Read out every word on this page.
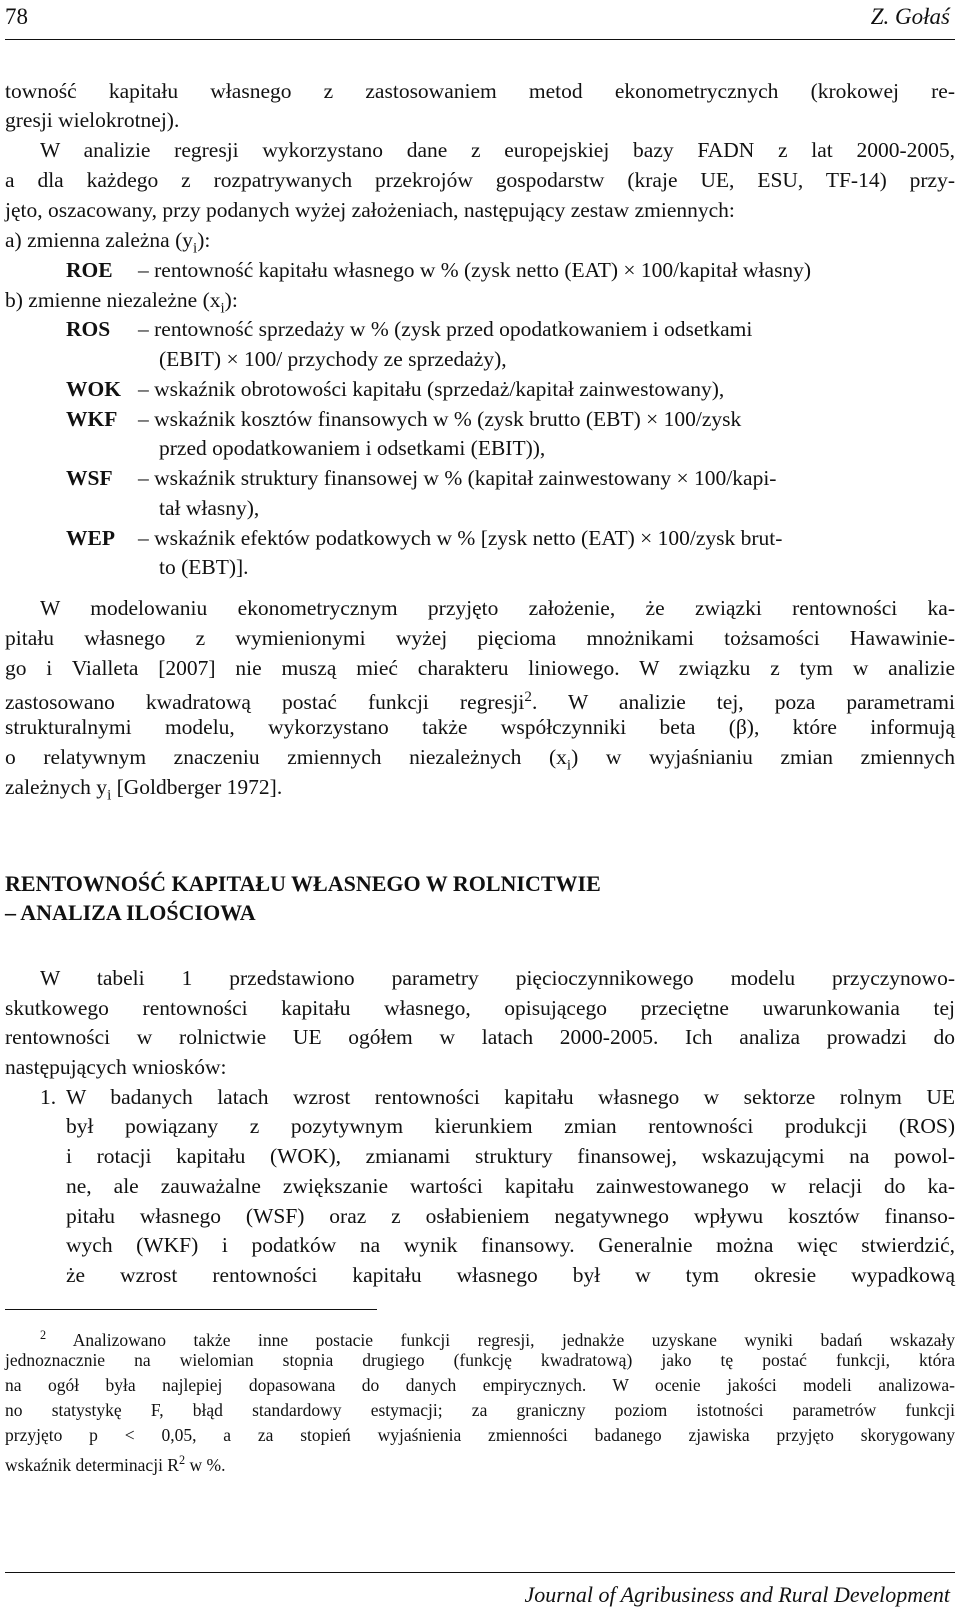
78	Z. Gołaś
towność kapitału własnego z zastosowaniem metod ekonometrycznych (krokowej re-
gresji wielokrotnej).
W analizie regresji wykorzystano dane z europejskiej bazy FADN z lat 2000-2005,
a dla każdego z rozpatrywanych przekrojów gospodarstw (kraje UE, ESU, TF-14) przy-
jęto, oszacowany, przy podanych wyżej założeniach, następujący zestaw zmiennych:
a) zmienna zależna $(y_i)$:
ROE – rentowność kapitału własnego w % (zysk netto (EAT) × 100/kapitał własny)
b) zmienne niezależne $(x_i)$:
ROS – rentowność sprzedaży w % (zysk przed opodatkowaniem i odsetkami
(EBIT) × 100/ przychody ze sprzedaży),
WOK – wskaźnik obrotowości kapitału (sprzedaż/kapitał zainwestowany),
WKF – wskaźnik kosztów finansowych w % (zysk brutto (EBT) × 100/zysk
przed opodatkowaniem i odsetkami (EBIT)),
WSF – wskaźnik struktury finansowej w % (kapitał zainwestowany × 100/kapi-
tał własny),
WEP – wskaźnik efektów podatkowych w % [zysk netto (EAT) × 100/zysk brut-
to (EBT)].
W modelowaniu ekonometrycznym przyjęto założenie, że związki rentowności ka-
pitału własnego z wymienionymi wyżej pięcioma mnożnikami tożsamości Hawawinie-
go i Vialleta [2007] nie muszą mieć charakteru liniowego. W związku z tym w analizie
zastosowano kwadratową postać funkcji regresji$^2$. W analizie tej, poza parametrami
strukturalnymi modelu, wykorzystano także współczynniki beta (β), które informują
o relatywnym znaczeniu zmiennych niezależnych $(x_i)$ w wyjaśnianiu zmian zmiennych
zależnych $y_i$ [Goldberger 1972].
RENTOWNOŚĆ KAPITAŁU WŁASNEGO W ROLNICTWIE
– ANALIZA ILOŚCIOWA
W tabeli 1 przedstawiono parametry pięcioczynnikowego modelu przyczynowo-
skutkowego rentowności kapitału własnego, opisującego przeciętne uwarunkowania tej
rentowności w rolnictwie UE ogółem w latach 2000-2005. Ich analiza prowadzi do
następujących wniosków:
1. W badanych latach wzrost rentowności kapitału własnego w sektorze rolnym UE
był powiązany z pozytywnym kierunkiem zmian rentowności produkcji (ROS)
i rotacji kapitału (WOK), zmianami struktury finansowej, wskazującymi na powol-
ne, ale zauważalne zwiększanie wartości kapitału zainwestowanego w relacji do ka-
pitału własnego (WSF) oraz z osłabieniem negatywnego wpływu kosztów finanso-
wych (WKF) i podatków na wynik finansowy. Generalnie można więc stwierdzić,
że wzrost rentowności kapitału własnego był w tym okresie wypadkową
$^2$ Analizowano także inne postacie funkcji regresji, jednakże uzyskane wyniki badań wskazały
jednoznacznie na wielomian stopnia drugiego (funkcję kwadratową) jako tę postać funkcji, która
na ogół była najlepiej dopasowana do danych empirycznych. W ocenie jakości modeli analizowa-
no statystykę F, błąd standardowy estymacji; za graniczny poziom istotności parametrów funkcji
przyjęto p < 0,05, a za stopień wyjaśnienia zmienności badanego zjawiska przyjęto skorygowany
wskaźnik determinacji $R^2$ w %.
Journal of Agribusiness and Rural Development
